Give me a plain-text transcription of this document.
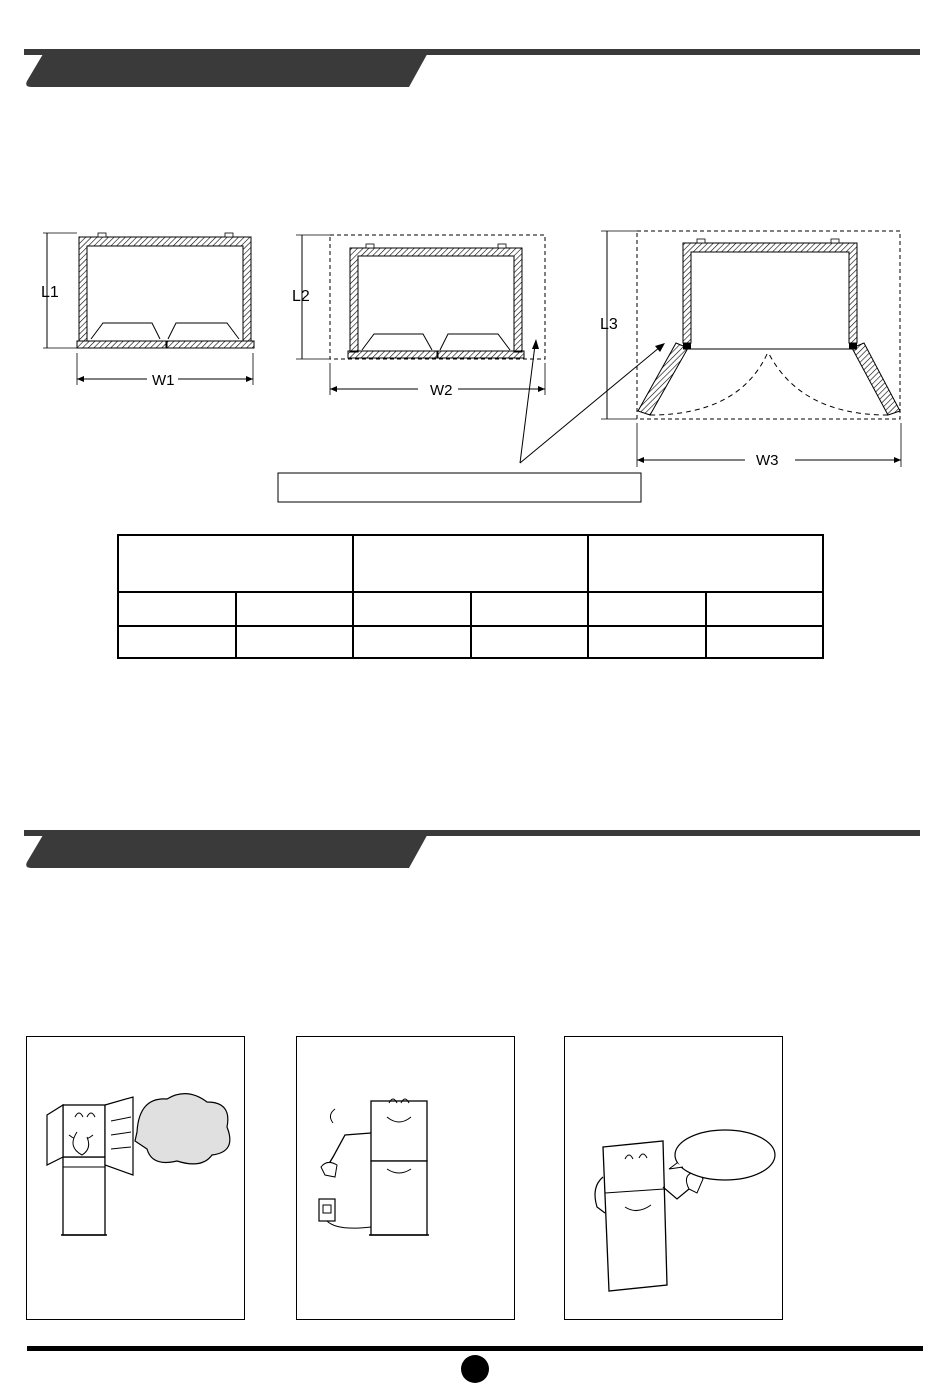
L1
W1
L2
W2
L3
W3
